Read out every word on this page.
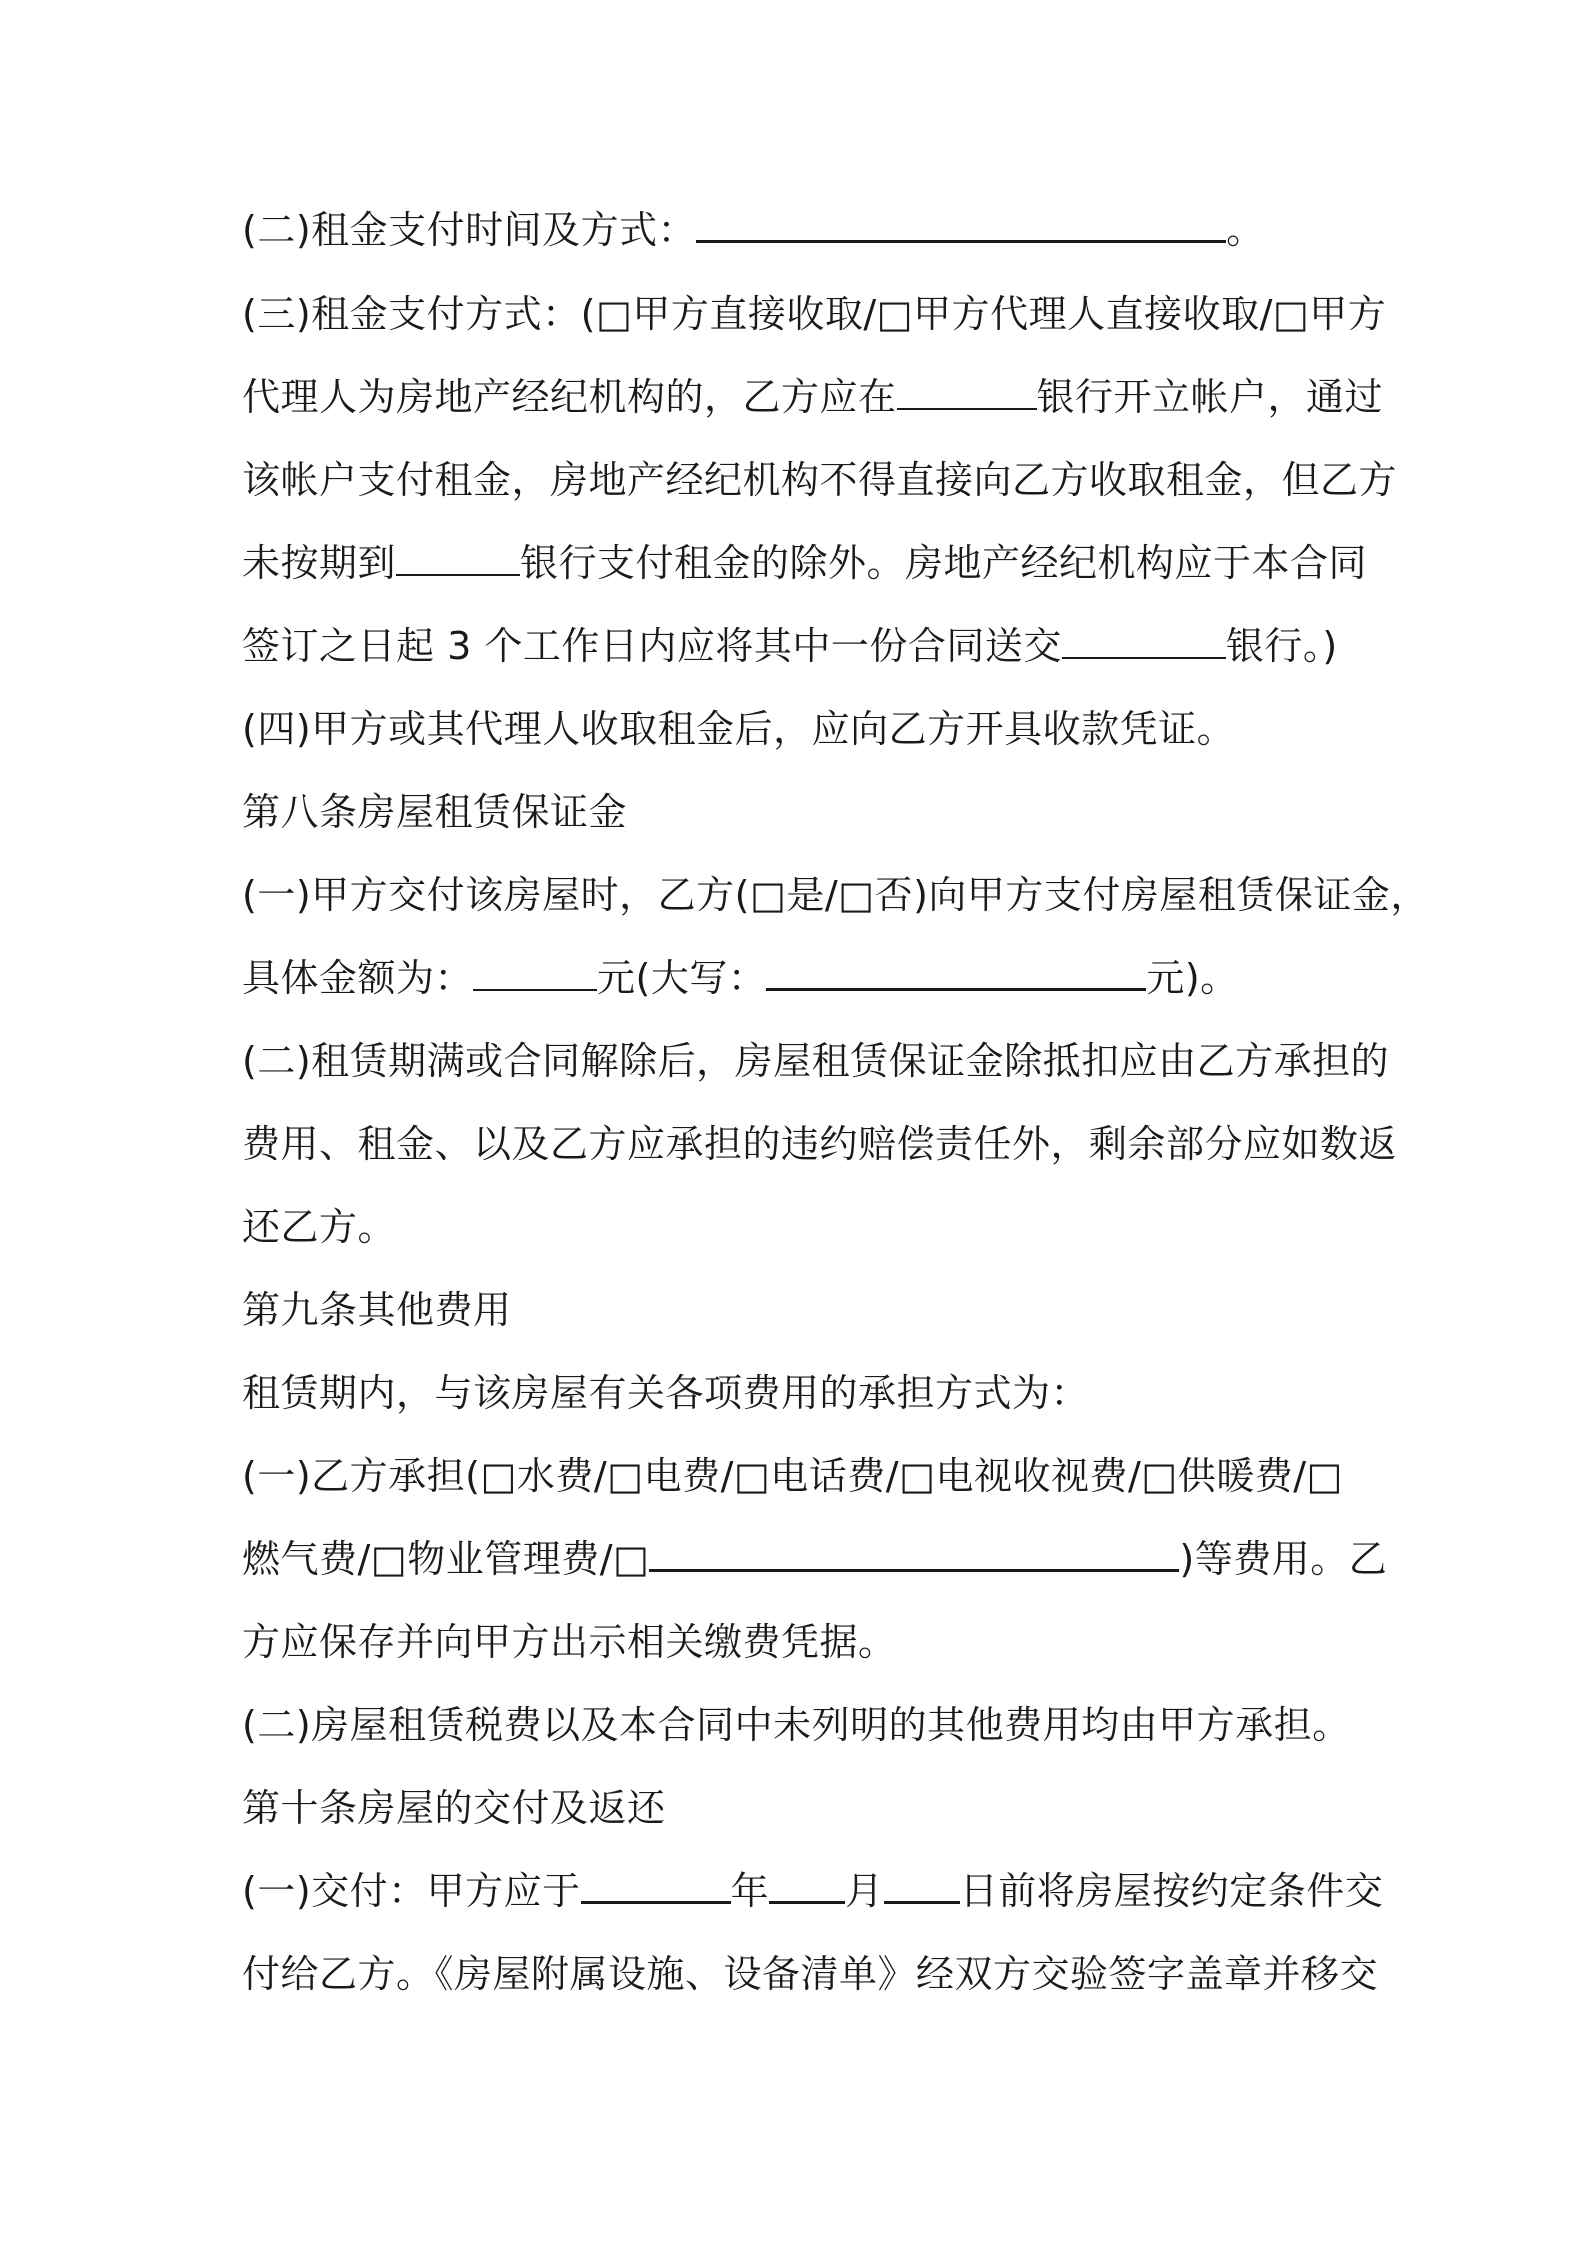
(二)租金支付时间及方式：	。
(三)租金支付方式：(□甲方直接收取/□甲方代理人直接收取/□甲方
代理人为房地产经纪机构的，乙方应在	银行开立帐户，通过
该帐户支付租金，房地产经纪机构不得直接向乙方收取租金，但乙方
未按期到	银行支付租金的除外。房地产经纪机构应于本合同
签订之日起 3 个工作日内应将其中一份合同送交	银行。)
(四)甲方或其代理人收取租金后，应向乙方开具收款凭证。
第八条房屋租赁保证金
(一)甲方交付该房屋时，乙方(□是/□否)向甲方支付房屋租赁保证金，
具体金额为：	元(大写：	元)。
(二)租赁期满或合同解除后，房屋租赁保证金除抵扣应由乙方承担的
费用、租金、以及乙方应承担的违约赔偿责任外，剩余部分应如数返
还乙方。
第九条其他费用
租赁期内，与该房屋有关各项费用的承担方式为：
(一)乙方承担(□水费/□电费/□电话费/□电视收视费/□供暖费/□
燃气费/□物业管理费/□	)等费用。乙
方应保存并向甲方出示相关缴费凭据。
(二)房屋租赁税费以及本合同中未列明的其他费用均由甲方承担。
第十条房屋的交付及返还
(一)交付：甲方应于	年 月 日前将房屋按约定条件交
付给乙方。《房屋附属设施、设备清单》经双方交验签字盖章并移交
